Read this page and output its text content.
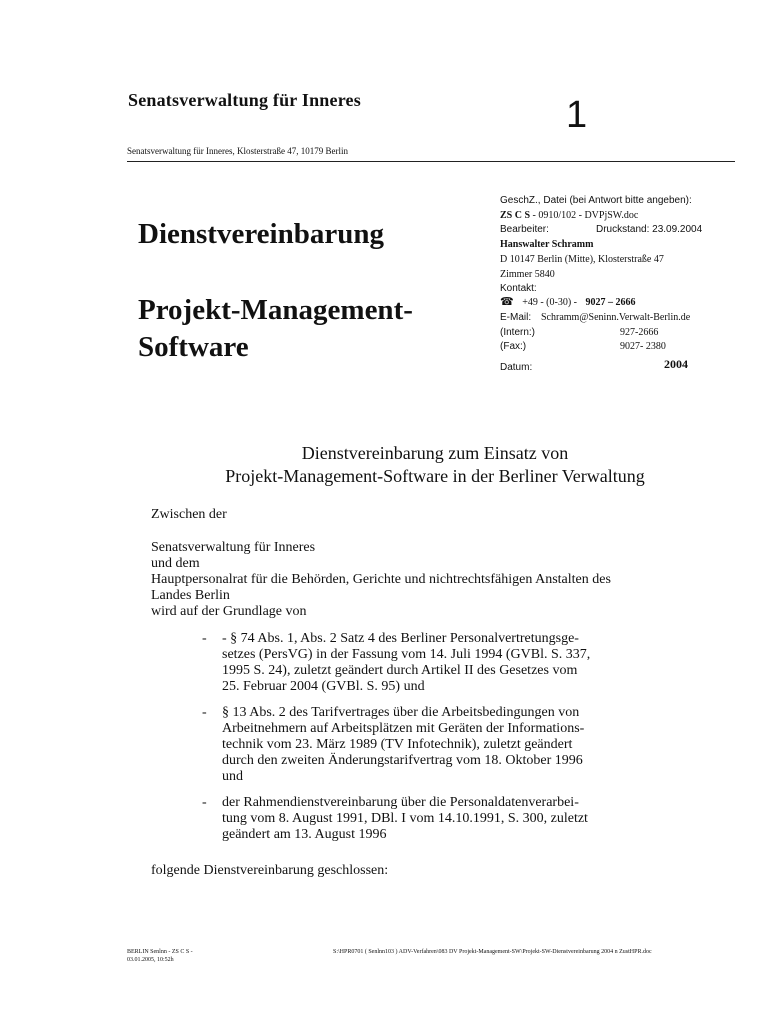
Senatsverwaltung für Inneres	1
Senatsverwaltung für Inneres, Klosterstraße 47, 10179 Berlin
Dienstvereinbarung
Projekt-Management-Software
GeschZ., Datei (bei Antwort bitte angeben):
ZS C S - 0910/102 - DVPjSW.doc
Bearbeiter:	Druckstand: 23.09.2004
Hanswalter Schramm
D 10147 Berlin (Mitte), Klosterstraße 47
Zimmer 5840
Kontakt:
☎ +49 - (0-30) - 9027 – 2666
E-Mail: Schramm@Seninn.Verwalt-Berlin.de
(Intern:)	927-2666
(Fax:)	9027- 2380
Datum:	2004
Dienstvereinbarung zum Einsatz von
Projekt-Management-Software in der Berliner Verwaltung
Zwischen der
Senatsverwaltung für Inneres
und dem
Hauptpersonalrat für die Behörden, Gerichte und nichtrechtsfähigen Anstalten des
Landes Berlin
wird auf der Grundlage von
- - § 74 Abs. 1, Abs. 2 Satz 4 des Berliner Personalvertretungsge-
setzes (PersVG) in der Fassung vom 14. Juli 1994 (GVBl. S. 337,
1995 S. 24), zuletzt geändert durch Artikel II des Gesetzes vom
25. Februar 2004 (GVBl. S. 95) und
- § 13 Abs. 2 des Tarifvertrages über die Arbeitsbedingungen von
Arbeitnehmern auf Arbeitsplätzen mit Geräten der Informations-
technik vom 23. März 1989 (TV Infotechnik), zuletzt geändert
durch den zweiten Änderungstarifvertrag vom 18. Oktober 1996
und
- der Rahmendienstvereinbarung über die Personaldatenverarbei-
tung vom 8. August 1991, DBl. I vom 14.10.1991, S. 300, zuletzt
geändert am 13. August 1996
folgende Dienstvereinbarung geschlossen:
BERLIN Senlnn - ZS C S -
03.01.2005, 10:52h
S:\HPR0701 ( Senlnn103 ) ADV-Verfahren\083 DV Projekt-Management-SW\Projekt-SW-Dienstvereinbarung 2004 n ZustHPR.doc
